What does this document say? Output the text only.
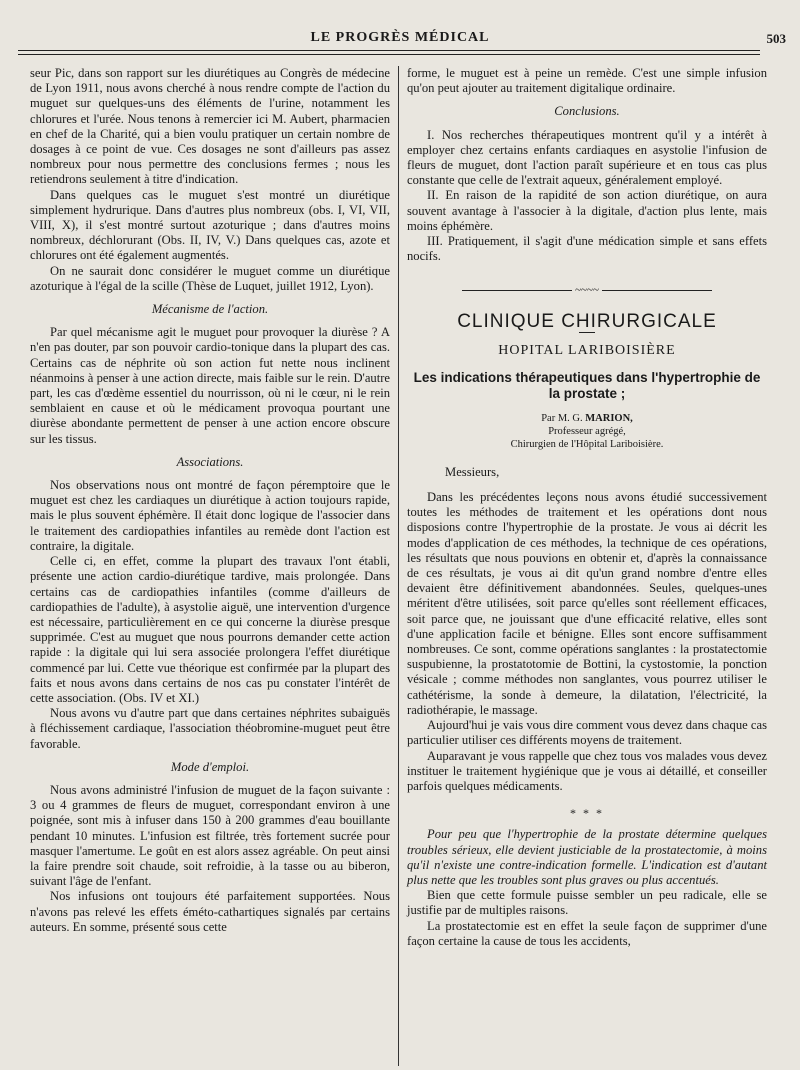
LE PROGRÈS MÉDICAL	503

seur Pic, dans son rapport sur les diurétiques au Congrès de médecine de Lyon 1911, nous avons cherché à nous rendre compte de l'action du muguet sur quelques-uns des éléments de l'urine, notamment les chlorures et l'urée. Nous tenons à remercier ici M. Aubert, pharmacien en chef de la Charité, qui a bien voulu pratiquer un certain nombre de dosages à ce point de vue. Ces dosages ne sont d'ailleurs pas assez nombreux pour nous permettre des conclusions fermes ; nous les retiendrons seulement à titre d'indication.

Dans quelques cas le muguet s'est montré un diurétique simplement hydrurique. Dans d'autres plus nombreux (obs. I, VI, VII, VIII, X), il s'est montré surtout azoturique ; dans d'autres moins nombreux, déchlorurant (Obs. II, IV, V.) Dans quelques cas, azote et chlorures ont été également augmentés.

On ne saurait donc considérer le muguet comme un diurétique azoturique à l'égal de la scille (Thèse de Luquet, juillet 1912, Lyon).

Mécanisme de l'action.

Par quel mécanisme agit le muguet pour provoquer la diurèse ? A n'en pas douter, par son pouvoir cardio-tonique dans la plupart des cas. Certains cas de néphrite où son action fut nette nous inclinent néanmoins à penser à une action directe, mais faible sur le rein. D'autre part, les cas d'œdème essentiel du nourrisson, où ni le cœur, ni le rein semblaient en cause et où le médicament provoqua pourtant une diurèse abondante permettent de penser à une action encore obscure sur les tissus.

Associations.

Nos observations nous ont montré de façon péremptoire que le muguet est chez les cardiaques un diurétique à action toujours rapide, mais le plus souvent éphémère. Il était donc logique de l'associer dans le traitement des cardiopathies infantiles au remède dont l'action est contraire, la digitale.

Celle ci, en effet, comme la plupart des travaux l'ont établi, présente une action cardio-diurétique tardive, mais prolongée. Dans certains cas de cardiopathies infantiles (comme d'ailleurs de cardiopathies de l'adulte), à asystolie aiguë, une intervention d'urgence est nécessaire, particulièrement en ce qui concerne la diurèse presque supprimée. C'est au muguet que nous pourrons demander cette action rapide : la digitale qui lui sera associée prolongera l'effet diurétique commencé par lui. Cette vue théorique est confirmée par la plupart des faits et nous avons dans certains de nos cas pu constater l'intérêt de cette association. (Obs. IV et XI.)

Nous avons vu d'autre part que dans certaines néphrites subaiguës à fléchissement cardiaque, l'association théobromine-muguet peut être favorable.

Mode d'emploi.

Nous avons administré l'infusion de muguet de la façon suivante : 3 ou 4 grammes de fleurs de muguet, correspondant environ à une poignée, sont mis à infuser dans 150 à 200 grammes d'eau bouillante pendant 10 minutes. L'infusion est filtrée, très fortement sucrée pour masquer l'amertume. Le goût en est alors assez agréable. On peut ainsi la faire prendre soit chaude, soit refroidie, à la tasse ou au biberon, suivant l'âge de l'enfant.

Nos infusions ont toujours été parfaitement supportées. Nous n'avons pas relevé les effets éméto-cathartiques signalés par certains auteurs. En somme, présenté sous cette

forme, le muguet est à peine un remède. C'est une simple infusion qu'on peut ajouter au traitement digitalique ordinaire.

Conclusions.

I. Nos recherches thérapeutiques montrent qu'il y a intérêt à employer chez certains enfants cardiaques en asystolie l'infusion de fleurs de muguet, dont l'action paraît supérieure et en tous cas plus constante que celle de l'extrait aqueux, généralement employé.

II. En raison de la rapidité de son action diurétique, on aura souvent avantage à l'associer à la digitale, d'action plus lente, mais moins éphémère.

III. Pratiquement, il s'agit d'une médication simple et sans effets nocifs.

~~~~
CLINIQUE CHIRURGICALE
HOPITAL LARIBOISIÈRE
Les indications thérapeutiques dans l'hypertrophie de la prostate ;
Par M. G. MARION,
Professeur agrégé,
Chirurgien de l'Hôpital Lariboisière.

Messieurs,

Dans les précédentes leçons nous avons étudié successivement toutes les méthodes de traitement et les opérations dont nous disposions contre l'hypertrophie de la prostate. Je vous ai décrit les modes d'application de ces méthodes, la technique de ces opérations, les résultats que nous pouvions en obtenir et, d'après la connaissance de ces résultats, je vous ai dit qu'un grand nombre d'entre elles devaient être définitivement abandonnées. Seules, quelques-unes méritent d'être utilisées, soit parce qu'elles sont réellement efficaces, soit parce que, ne jouissant que d'une efficacité relative, elles sont d'une application facile et bénigne. Elles sont encore suffisamment nombreuses. Ce sont, comme opérations sanglantes : la prostatectomie suspubienne, la prostatotomie de Bottini, la cystostomie, la ponction vésicale ; comme méthodes non sanglantes, vous pourrez utiliser le cathétérisme, la sonde à demeure, la dilatation, l'électricité, la radiothérapie, le massage.

Aujourd'hui je vais vous dire comment vous devez dans chaque cas particulier utiliser ces différents moyens de traitement.

Auparavant je vous rappelle que chez tous vos malades vous devez instituer le traitement hygiénique que je vous ai détaillé, et conseiller parfois quelques médicaments.

* * *

Pour peu que l'hypertrophie de la prostate détermine quelques troubles sérieux, elle devient justiciable de la prostatectomie, à moins qu'il n'existe une contre-indication formelle. L'indication est d'autant plus nette que les troubles sont plus graves ou plus accentués.

Bien que cette formule puisse sembler un peu radicale, elle se justifie par de multiples raisons.

La prostatectomie est en effet la seule façon de supprimer d'une façon certaine la cause de tous les accidents,
